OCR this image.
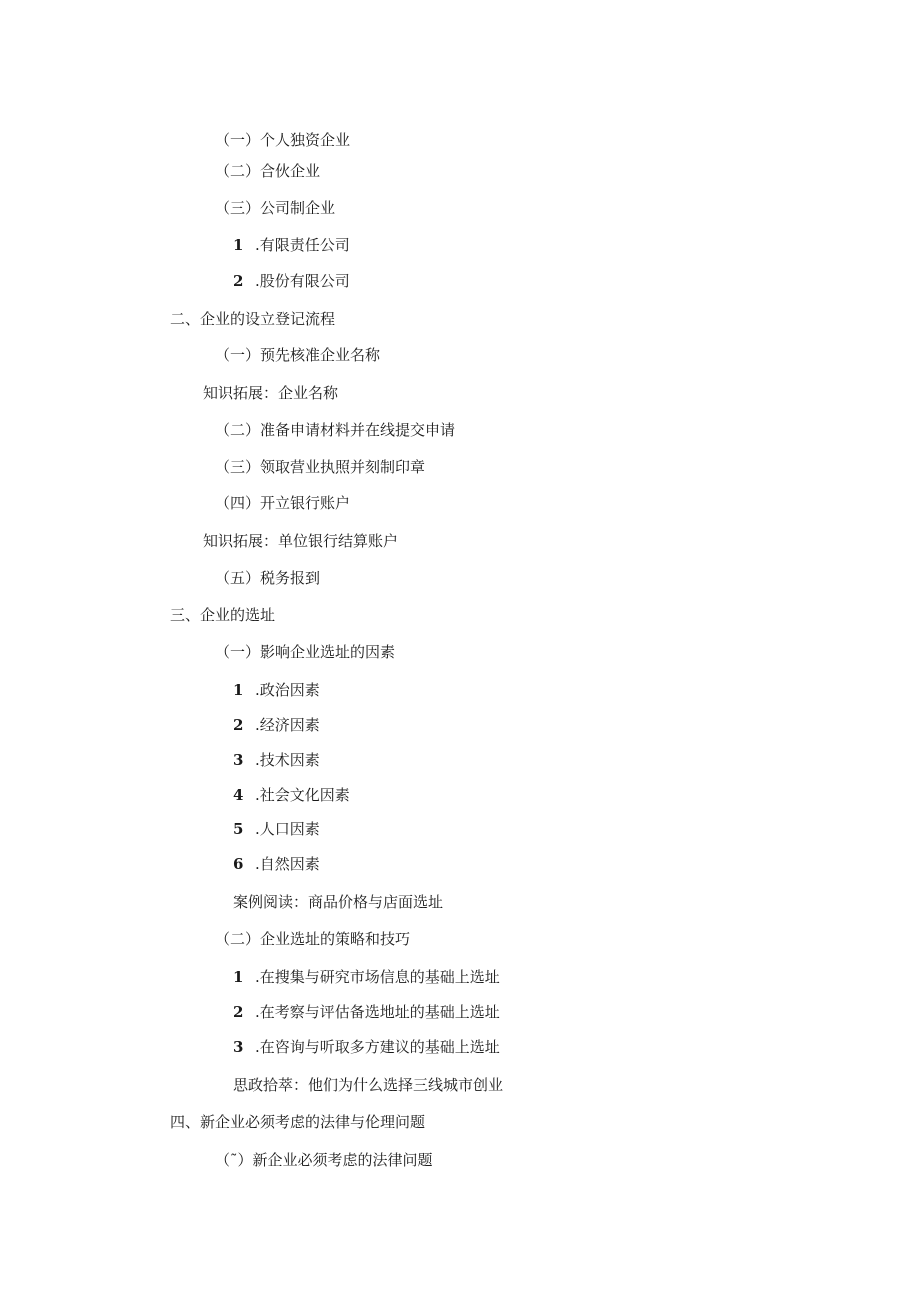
（一）个人独资企业
（二）合伙企业
（三）公司制企业
1 .有限责任公司
2 .股份有限公司
二、企业的设立登记流程
（一）预先核准企业名称
知识拓展：企业名称
（二）准备申请材料并在线提交申请
（三）领取营业执照并刻制印章
（四）开立银行账户
知识拓展：单位银行结算账户
（五）税务报到
三、企业的选址
（一）影响企业选址的因素
1 .政治因素
2 .经济因素
3 .技术因素
4 .社会文化因素
5 .人口因素
6 .自然因素
案例阅读：商品价格与店面选址
（二）企业选址的策略和技巧
1 .在搜集与研究市场信息的基础上选址
2 .在考察与评估备选地址的基础上选址
3 .在咨询与听取多方建议的基础上选址
思政拾萃：他们为什么选择三线城市创业
四、新企业必须考虑的法律与伦理问题
（˜）新企业必须考虑的法律问题
